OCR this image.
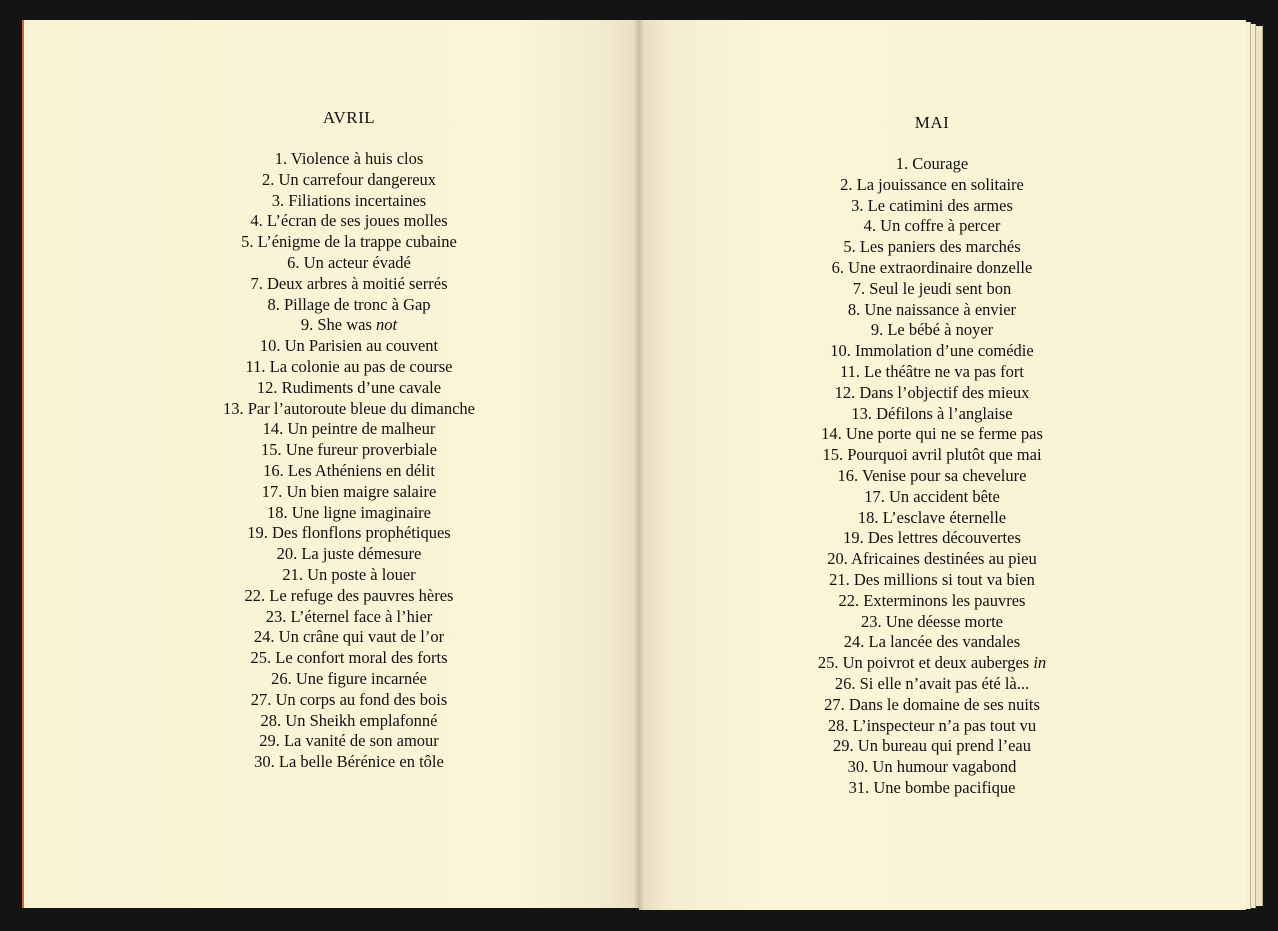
AVRIL
1 . Violence à huis clos
2 . Un carrefour dangereux
3 . Filiations incertaines
4 . L’écran de ses joues molles
5 . L’énigme de la trappe cubaine
6 . Un acteur évadé
7 . Deux arbres à moitié serrés
8 . Pillage de tronc à Gap
9 . She was not
10 . Un Parisien au couvent
11 . La colonie au pas de course
12 . Rudiments d’une cavale
13 . Par l’autoroute bleue du dimanche
14 . Un peintre de malheur
15 . Une fureur proverbiale
16 . Les Athéniens en délit
17 . Un bien maigre salaire
18 . Une ligne imaginaire
19 . Des flonflons prophétiques
20 . La juste démesure
21 . Un poste à louer
22 . Le refuge des pauvres hères
23 . L’éternel face à l’hier
24 . Un crâne qui vaut de l’or
25 . Le confort moral des forts
26 . Une figure incarnée
27 . Un corps au fond des bois
28 . Un Sheikh emplafonné
29 . La vanité de son amour
30 . La belle Bérénice en tôle
MAI
1 . Courage
2 . La jouissance en solitaire
3 . Le catimini des armes
4 . Un coffre à percer
5 . Les paniers des marchés
6 . Une extraordinaire donzelle
7 . Seul le jeudi sent bon
8 . Une naissance à envier
9 . Le bébé à noyer
10 . Immolation d’une comédie
11 . Le théâtre ne va pas fort
12 . Dans l’objectif des mieux
13 . Défilons à l’anglaise
14 . Une porte qui ne se ferme pas
15 . Pourquoi avril plutôt que mai
16 . Venise pour sa chevelure
17 . Un accident bête
18 . L’esclave éternelle
19 . Des lettres découvertes
20 . Africaines destinées au pieu
21 . Des millions si tout va bien
22 . Exterminons les pauvres
23 . Une déesse morte
24 . La lancée des vandales
25 . Un poivrot et deux auberges in
26 . Si elle n’avait pas été là...
27 . Dans le domaine de ses nuits
28 . L’inspecteur n’a pas tout vu
29 . Un bureau qui prend l’eau
30 . Un humour vagabond
31 . Une bombe pacifique
